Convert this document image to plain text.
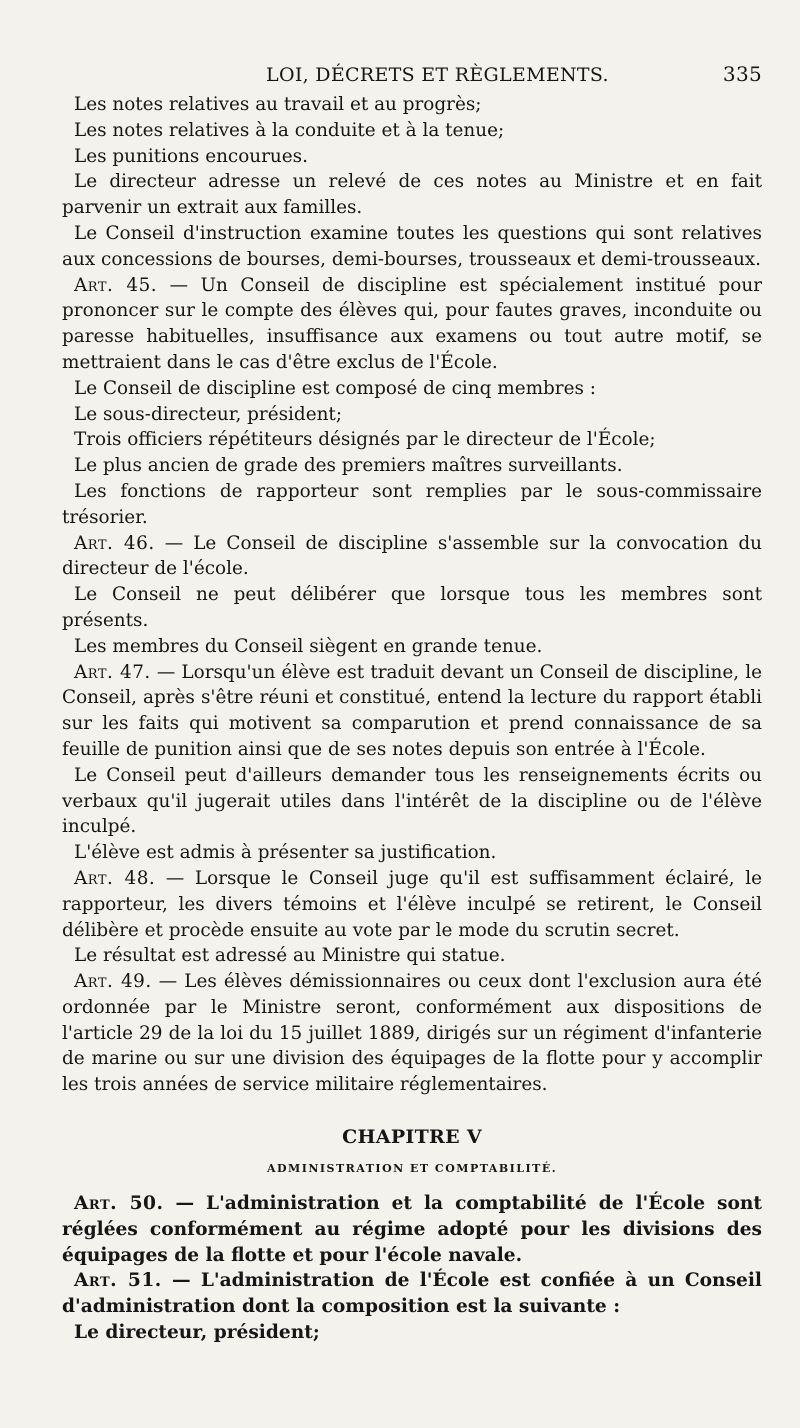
LOI, DÉCRETS ET RÈGLEMENTS.	335

Les notes relatives au travail et au progrès;

Les notes relatives à la conduite et à la tenue;

Les punitions encourues.

Le directeur adresse un relevé de ces notes au Ministre et en fait parvenir un extrait aux familles.

Le Conseil d'instruction examine toutes les questions qui sont relatives aux concessions de bourses, demi-bourses, trousseaux et demi-trousseaux.

Art. 45. — Un Conseil de discipline est spécialement institué pour prononcer sur le compte des élèves qui, pour fautes graves, inconduite ou paresse habituelles, insuffisance aux examens ou tout autre motif, se mettraient dans le cas d'être exclus de l'École.

Le Conseil de discipline est composé de cinq membres :

Le sous-directeur, président;

Trois officiers répétiteurs désignés par le directeur de l'École;

Le plus ancien de grade des premiers maîtres surveillants.

Les fonctions de rapporteur sont remplies par le sous-commissaire trésorier.

Art. 46. — Le Conseil de discipline s'assemble sur la convocation du directeur de l'école.

Le Conseil ne peut délibérer que lorsque tous les membres sont présents.

Les membres du Conseil siègent en grande tenue.

Art. 47. — Lorsqu'un élève est traduit devant un Conseil de discipline, le Conseil, après s'être réuni et constitué, entend la lecture du rapport établi sur les faits qui motivent sa comparution et prend connaissance de sa feuille de punition ainsi que de ses notes depuis son entrée à l'École.

Le Conseil peut d'ailleurs demander tous les renseignements écrits ou verbaux qu'il jugerait utiles dans l'intérêt de la discipline ou de l'élève inculpé.

L'élève est admis à présenter sa justification.

Art. 48. — Lorsque le Conseil juge qu'il est suffisamment éclairé, le rapporteur, les divers témoins et l'élève inculpé se retirent, le Conseil délibère et procède ensuite au vote par le mode du scrutin secret.

Le résultat est adressé au Ministre qui statue.

Art. 49. — Les élèves démissionnaires ou ceux dont l'exclusion aura été ordonnée par le Ministre seront, conformément aux dispositions de l'article 29 de la loi du 15 juillet 1889, dirigés sur un régiment d'infanterie de marine ou sur une division des équipages de la flotte pour y accomplir les trois années de service militaire réglementaires.

CHAPITRE V
ADMINISTRATION ET COMPTABILITÉ.

Art. 50. — L'administration et la comptabilité de l'École sont réglées conformément au régime adopté pour les divisions des équipages de la flotte et pour l'école navale.

Art. 51. — L'administration de l'École est confiée à un Conseil d'administration dont la composition est la suivante :

Le directeur, président;
